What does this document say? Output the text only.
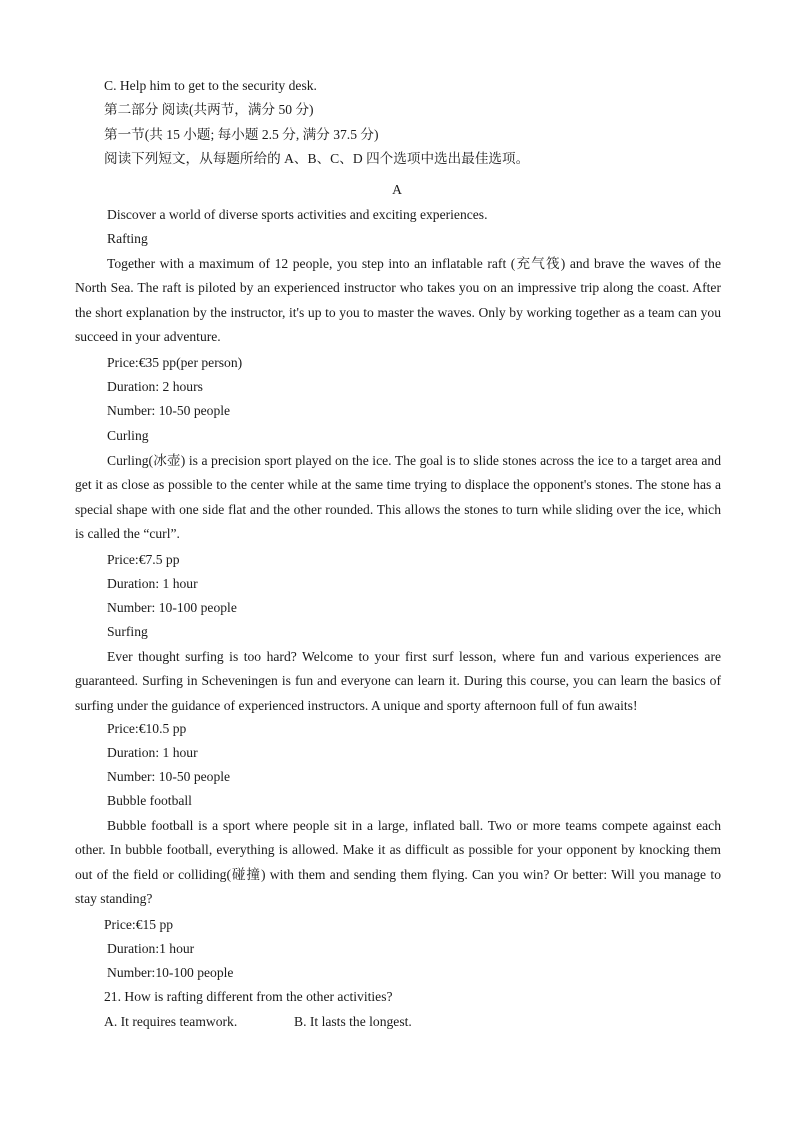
C. Help him to get to the security desk.
第二部分 阅读(共两节，满分 50 分)
第一节(共 15 小题; 每小题 2.5 分, 满分 37.5 分)
阅读下列短文，从每题所给的 A、B、C、D 四个选项中选出最佳选项。
A
Discover a world of diverse sports activities and exciting experiences.
Rafting

Together with a maximum of 12 people, you step into an inflatable raft (充气筏) and brave the waves of the North Sea. The raft is piloted by an experienced instructor who takes you on an impressive trip along the coast. After the short explanation by the instructor, it's up to you to master the waves. Only by working together as a team can you succeed in your adventure.

Price:€35 pp(per person)
Duration: 2 hours
Number: 10-50 people
Curling

Curling(冰壶) is a precision sport played on the ice. The goal is to slide stones across the ice to a target area and get it as close as possible to the center while at the same time trying to displace the opponent's stones. The stone has a special shape with one side flat and the other rounded. This allows the stones to turn while sliding over the ice, which is called the “curl”.

Price:€7.5 pp
Duration: 1 hour
Number: 10-100 people
Surfing

Ever thought surfing is too hard? Welcome to your first surf lesson, where fun and various experiences are guaranteed. Surfing in Scheveningen is fun and everyone can learn it. During this course, you can learn the basics of surfing under the guidance of experienced instructors. A unique and sporty afternoon full of fun awaits!

Price:€10.5 pp
Duration: 1 hour
Number: 10-50 people
Bubble football

Bubble football is a sport where people sit in a large, inflated ball. Two or more teams compete against each other. In bubble football, everything is allowed. Make it as difficult as possible for your opponent by knocking them out of the field or colliding(碰撞) with them and sending them flying. Can you win? Or better: Will you manage to stay standing?

Price:€15 pp
Duration:1 hour
Number:10-100 people
21. How is rafting different from the other activities?
A. It requires teamwork.	B. It lasts the longest.
